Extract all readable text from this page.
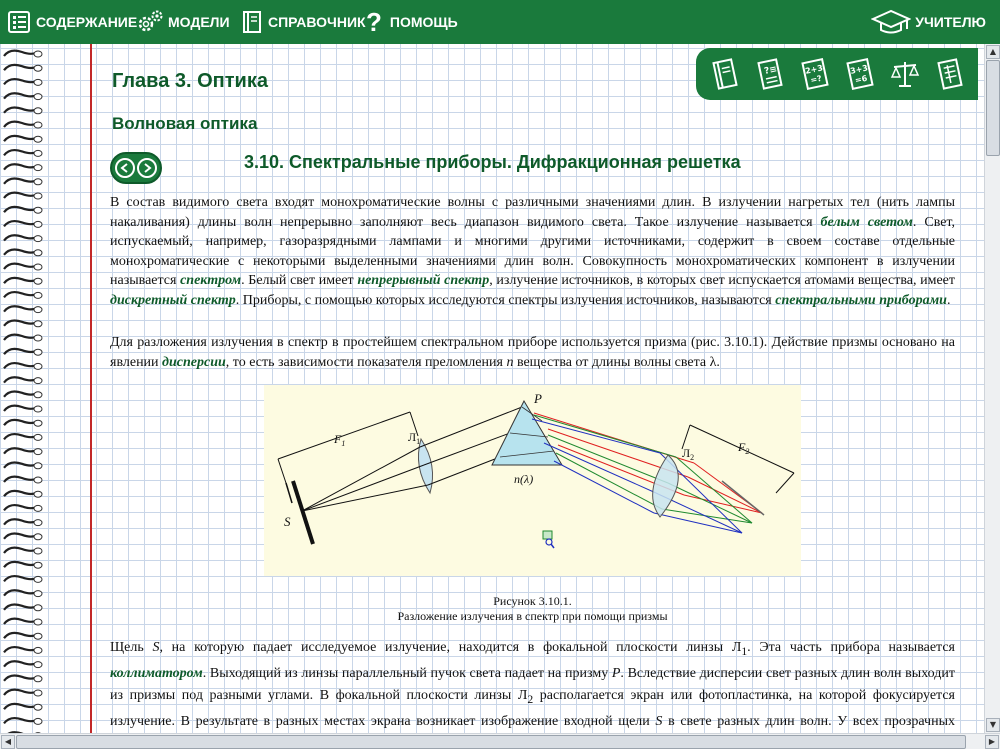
СОДЕРЖАНИЕ МОДЕЛИ	СПРАВОЧНИК ? ПОМОЩЬ	УЧИТЕЛЮ
?≡	2+3
=?
3+3
=6
Глава 3. Оптика
Волновая оптика
3.10. Спектральные приборы. Дифракционная решетка
В состав видимого света входят монохроматические волны с различными значениями длин. В излучении нагретых тел (нить лампы накаливания) длины волн непрерывно заполняют весь диапазон видимого света. Такое излучение называется белым светом. Свет, испускаемый, например, газоразрядными лампами и многими другими источниками, содержит в своем составе отдельные монохроматические с некоторыми выделенными значениями длин волн. Совокупность монохроматических компонент в излучении называется спектром. Белый свет имеет непрерывный спектр, излучение источников, в которых свет испускается атомами вещества, имеет дискретный спектр. Приборы, с помощью которых исследуются спектры излучения источников, называются спектральными приборами.
Для разложения излучения в спектр в простейшем спектральном приборе используется призма (рис. 3.10.1). Действие призмы основано на явлении дисперсии, то есть зависимости показателя преломления n вещества от длины волны света λ.
S
P
$Л_1$
$Л_2$
$F_1$	$F_2$
n(λ)
Рисунок 3.10.1.
Разложение излучения в спектр при помощи призмы
Щель S, на которую падает исследуемое излучение, находится в фокальной плоскости линзы $Л_1$. Эта часть прибора называется коллиматором. Выходящий из линзы параллельный пучок света падает на призму P. Вследствие дисперсии свет разных длин волн выходит из призмы под разными углами. В фокальной плоскости линзы $Л_2$ располагается экран или фотопластинка, на которой фокусируется излучение. В результате в разных местах экрана возникает изображение входной щели S в свете разных длин волн. У всех прозрачных
▲
▼
◀	▶
